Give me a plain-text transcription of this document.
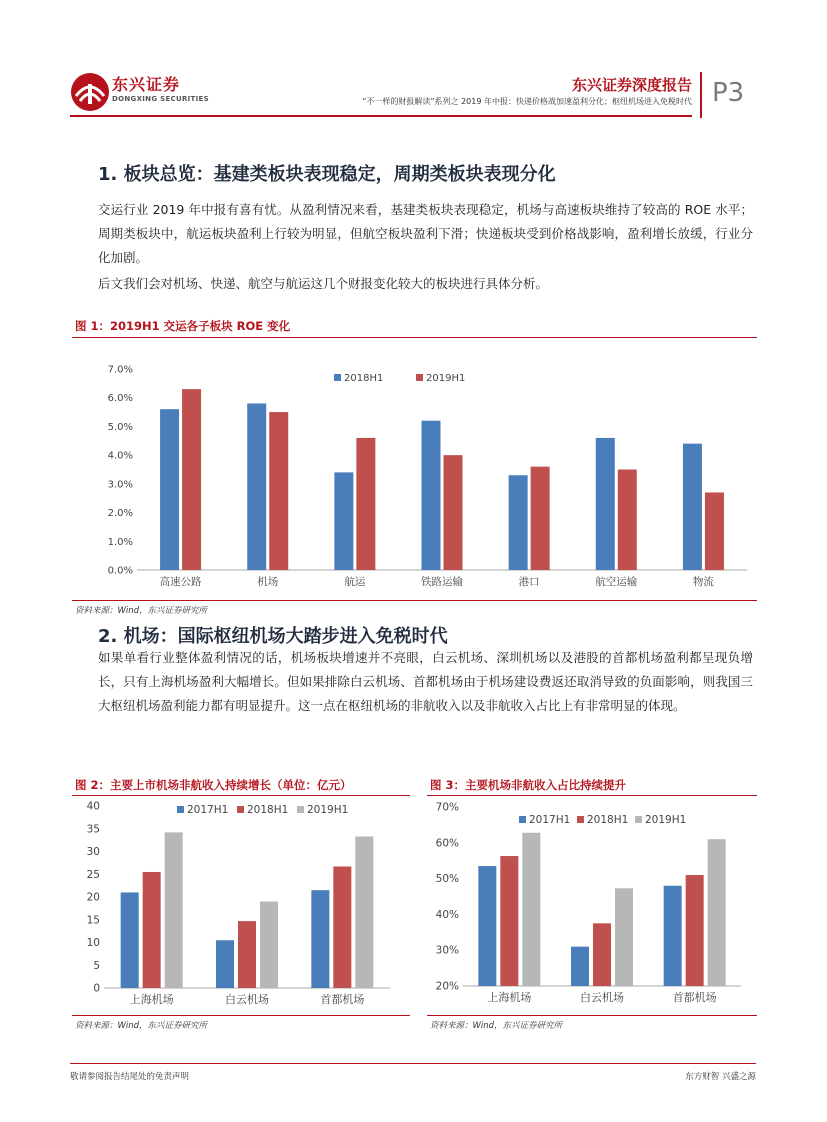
东兴证券
DONGXING SECURITIES
东兴证券深度报告
“不一样的财报解读”系列之 2019 年中报：快递价格战加速盈利分化；枢纽机场进入免税时代 P3
1. 板块总览：基建类板块表现稳定，周期类板块表现分化
交运行业 2019 年中报有喜有忧。从盈利情况来看，基建类板块表现稳定，机场与高速板块维持了较高的 ROE 水平；周期类板块中，航运板块盈利上行较为明显，但航空板块盈利下滑；快递板块受到价格战影响，盈利增长放缓，行业分化加剧。
后文我们会对机场、快递、航空与航运这几个财报变化较大的板块进行具体分析。
图 1：2019H1 交运各子板块 ROE 变化
0.0%
1.0%
2.0%
3.0%
4.0%
5.0%
6.0%
7.0%
高速公路	机场	航运	铁路运输	港口	航空运输	物流
2018H1	2019H1
资料来源：Wind，东兴证券研究所
2. 机场：国际枢纽机场大踏步进入免税时代
如果单看行业整体盈利情况的话，机场板块增速并不亮眼，白云机场、深圳机场以及港股的首都机场盈利都呈现负增长，只有上海机场盈利大幅增长。但如果排除白云机场、首都机场由于机场建设费返还取消导致的负面影响，则我国三大枢纽机场盈利能力都有明显提升。这一点在枢纽机场的非航收入以及非航收入占比上有非常明显的体现。
图 2：主要上市机场非航收入持续增长（单位：亿元）
0
5
10
15
20
25
30
35
40
上海机场	白云机场	首都机场
2017H1 2018H1 2019H1
资料来源：Wind，东兴证券研究所
图 3：主要机场非航收入占比持续提升
20%
30%
40%
50%
60%
70%
上海机场	白云机场	首都机场
2017H1 2018H1 2019H1
资料来源：Wind，东兴证券研究所
敬请参阅报告结尾处的免责声明	东方财智 兴盛之源
